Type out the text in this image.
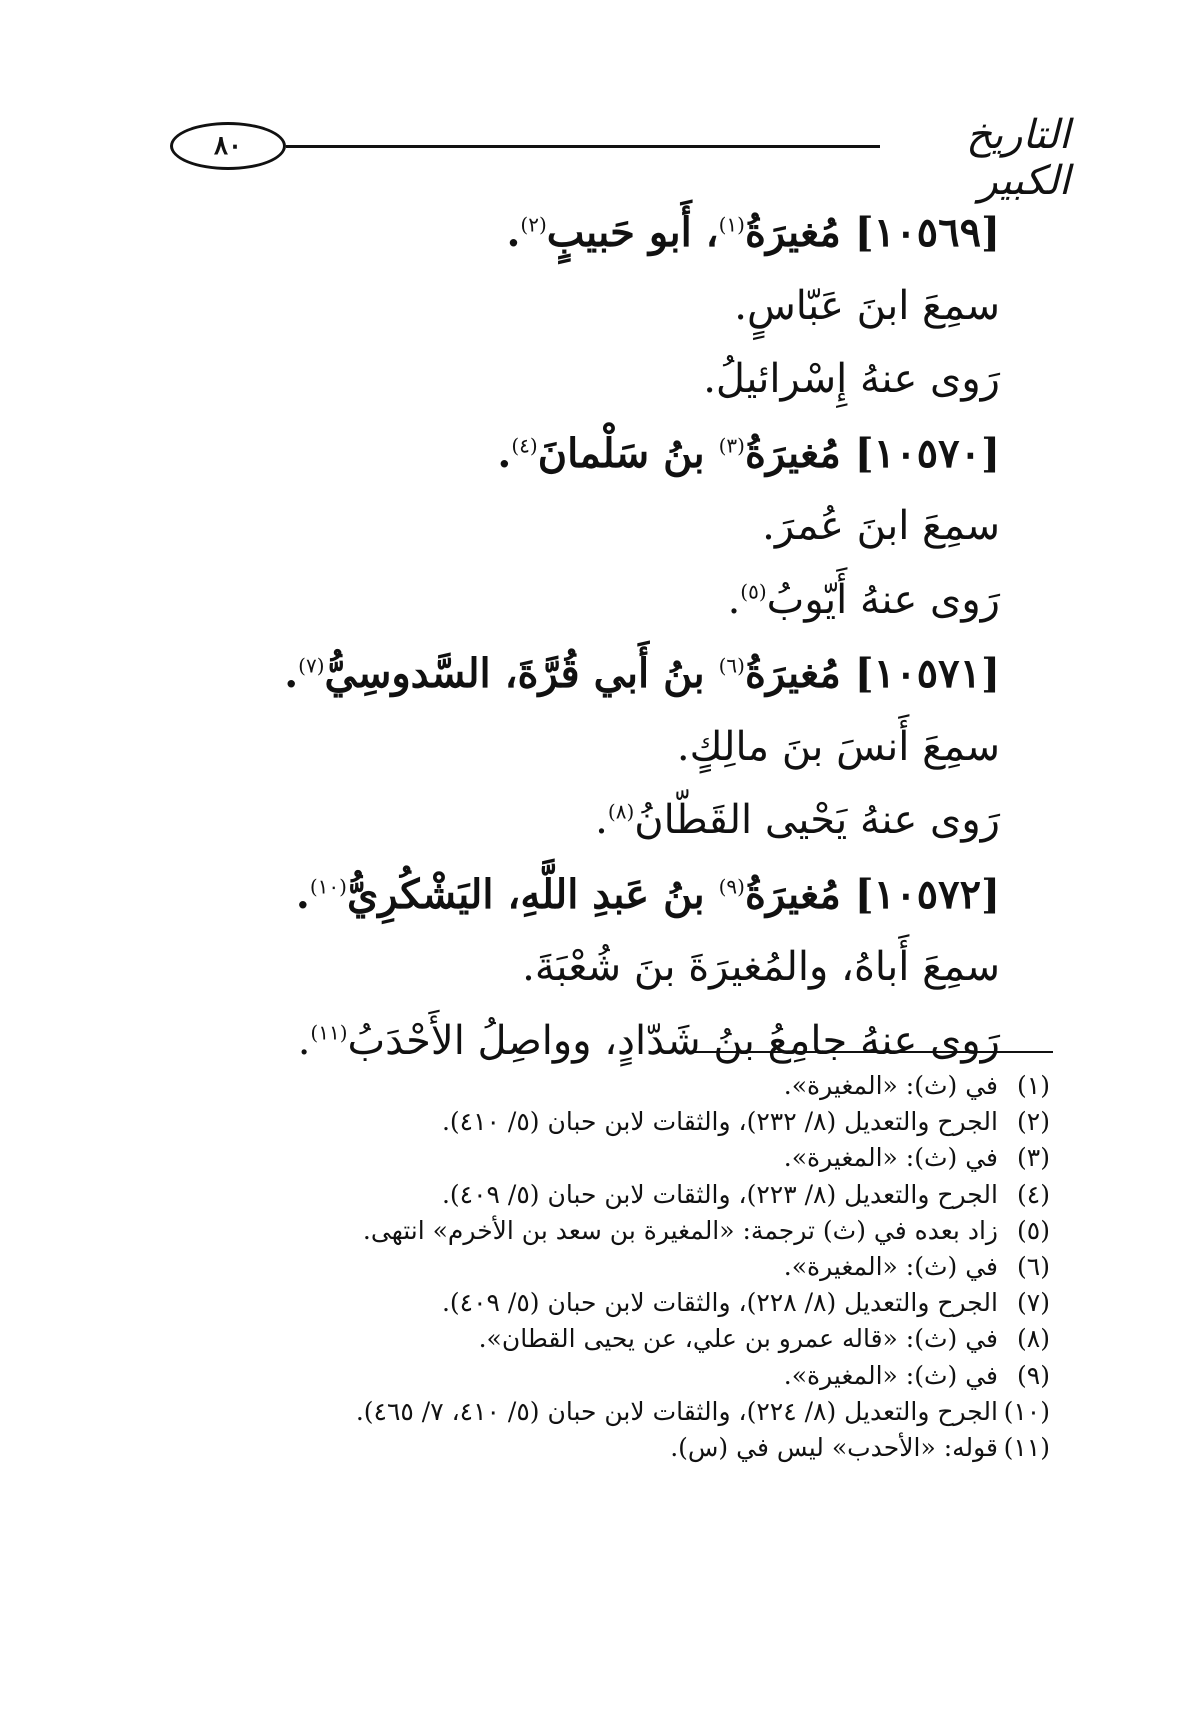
٨٠	التاريخ الكبير
[١٠٥٦٩] مُغيرَةُ$^{(١)}$، أَبو حَبيبٍ$^{(٢)}$.
سمِعَ ابنَ عَبّاسٍ.
رَوى عنهُ إِسْرائيلُ.
[١٠٥٧٠] مُغيرَةُ$^{(٣)}$ بنُ سَلْمانَ$^{(٤)}$.
سمِعَ ابنَ عُمرَ.
رَوى عنهُ أَيّوبُ$^{(٥)}$.
[١٠٥٧١] مُغيرَةُ$^{(٦)}$ بنُ أَبي قُرَّةَ، السَّدوسِيُّ$^{(٧)}$.
سمِعَ أَنسَ بنَ مالِكٍ.
رَوى عنهُ يَحْيى القَطّانُ$^{(٨)}$.
[١٠٥٧٢] مُغيرَةُ$^{(٩)}$ بنُ عَبدِ اللَّهِ، اليَشْكُرِيُّ$^{(١٠)}$.
سمِعَ أَباهُ، والمُغيرَةَ بنَ شُعْبَةَ.
رَوى عنهُ جامِعُ بنُ شَدّادٍ، وواصِلُ الأَحْدَبُ$^{(١١)}$.
(١)في (ث): «المغيرة».
(٢)الجرح والتعديل (٨/ ٢٣٢)، والثقات لابن حبان (٥/ ٤١٠).
(٣)في (ث): «المغيرة».
(٤)الجرح والتعديل (٨/ ٢٢٣)، والثقات لابن حبان (٥/ ٤٠٩).
(٥)زاد بعده في (ث) ترجمة: «المغيرة بن سعد بن الأخرم» انتهى.
(٦)في (ث): «المغيرة».
(٧)الجرح والتعديل (٨/ ٢٢٨)، والثقات لابن حبان (٥/ ٤٠٩).
(٨)في (ث): «قاله عمرو بن علي، عن يحيى القطان».
(٩)في (ث): «المغيرة».
(١٠)الجرح والتعديل (٨/ ٢٢٤)، والثقات لابن حبان (٥/ ٤١٠، ٧/ ٤٦٥).
(١١)قوله: «الأحدب» ليس في (س).
